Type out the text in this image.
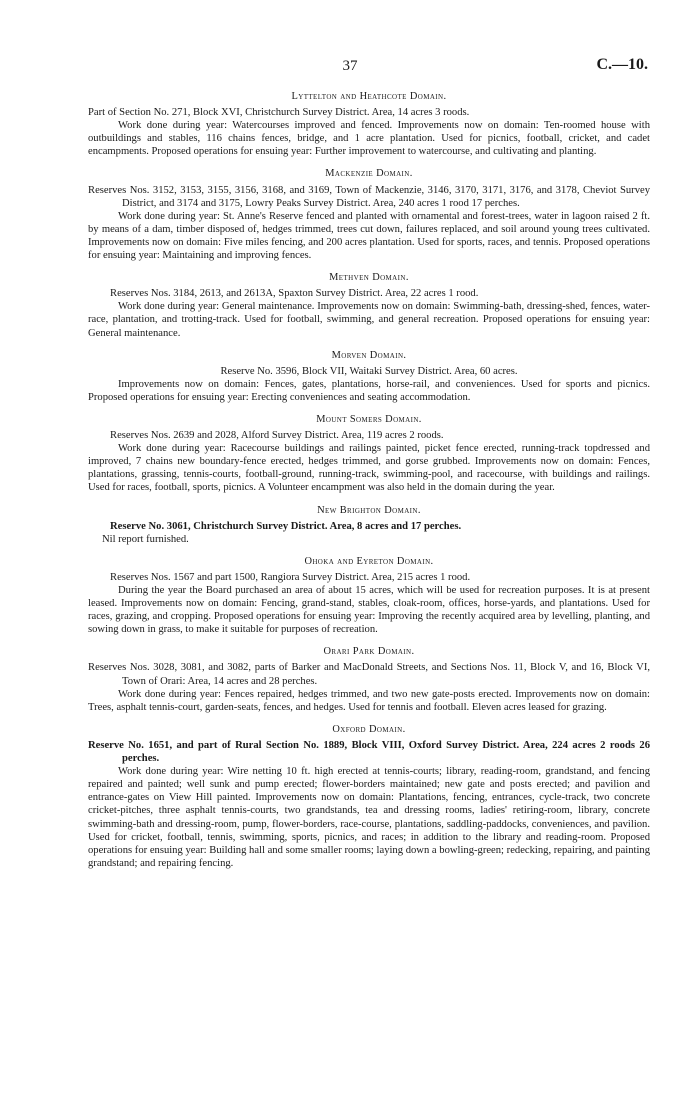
37	C.—10.

Lyttelton and Heathcote Domain.

Part of Section No. 271, Block XVI, Christchurch Survey District. Area, 14 acres 3 roods.

Work done during year: Watercourses improved and fenced. Improvements now on domain: Ten-roomed house with outbuildings and stables, 116 chains fences, bridge, and 1 acre plantation. Used for picnics, football, cricket, and cadet encampments. Proposed operations for ensuing year: Further improvement to watercourse, and cultivating and planting.

Mackenzie Domain.

Reserves Nos. 3152, 3153, 3155, 3156, 3168, and 3169, Town of Mackenzie, 3146, 3170, 3171, 3176, and 3178, Cheviot Survey District, and 3174 and 3175, Lowry Peaks Survey District. Area, 240 acres 1 rood 17 perches.

Work done during year: St. Anne's Reserve fenced and planted with ornamental and forest-trees, water in lagoon raised 2 ft. by means of a dam, timber disposed of, hedges trimmed, trees cut down, failures replaced, and soil around young trees cultivated. Improvements now on domain: Five miles fencing, and 200 acres plantation. Used for sports, races, and tennis. Proposed operations for ensuing year: Maintaining and improving fences.

Methven Domain.

Reserves Nos. 3184, 2613, and 2613A, Spaxton Survey District. Area, 22 acres 1 rood.

Work done during year: General maintenance. Improvements now on domain: Swimming-bath, dressing-shed, fences, water-race, plantation, and trotting-track. Used for football, swimming, and general recreation. Proposed operations for ensuing year: General maintenance.

Morven Domain.

Reserve No. 3596, Block VII, Waitaki Survey District. Area, 60 acres.

Improvements now on domain: Fences, gates, plantations, horse-rail, and conveniences. Used for sports and picnics. Proposed operations for ensuing year: Erecting conveniences and seating accommodation.

Mount Somers Domain.

Reserves Nos. 2639 and 2028, Alford Survey District. Area, 119 acres 2 roods.

Work done during year: Racecourse buildings and railings painted, picket fence erected, running-track topdressed and improved, 7 chains new boundary-fence erected, hedges trimmed, and gorse grubbed. Improvements now on domain: Fences, plantations, grassing, tennis-courts, football-ground, running-track, swimming-pool, and racecourse, with buildings and railings. Used for races, football, sports, picnics. A Volunteer encampment was also held in the domain during the year.

New Brighton Domain.

Reserve No. 3061, Christchurch Survey District. Area, 8 acres and 17 perches.

Nil report furnished.

Ohoka and Eyreton Domain.

Reserves Nos. 1567 and part 1500, Rangiora Survey District. Area, 215 acres 1 rood.

During the year the Board purchased an area of about 15 acres, which will be used for recreation purposes. It is at present leased. Improvements now on domain: Fencing, grand-stand, stables, cloak-room, offices, horse-yards, and plantations. Used for races, grazing, and cropping. Proposed operations for ensuing year: Improving the recently acquired area by levelling, planting, and sowing down in grass, to make it suitable for purposes of recreation.

Orari Park Domain.

Reserves Nos. 3028, 3081, and 3082, parts of Barker and MacDonald Streets, and Sections Nos. 11, Block V, and 16, Block VI, Town of Orari: Area, 14 acres and 28 perches.

Work done during year: Fences repaired, hedges trimmed, and two new gate-posts erected. Improvements now on domain: Trees, asphalt tennis-court, garden-seats, fences, and hedges. Used for tennis and football. Eleven acres leased for grazing.

Oxford Domain.

Reserve No. 1651, and part of Rural Section No. 1889, Block VIII, Oxford Survey District. Area, 224 acres 2 roods 26 perches.

Work done during year: Wire netting 10 ft. high erected at tennis-courts; library, reading-room, grandstand, and fencing repaired and painted; well sunk and pump erected; flower-borders maintained; new gate and posts erected; and pavilion and entrance-gates on View Hill painted. Improvements now on domain: Plantations, fencing, entrances, cycle-track, two concrete cricket-pitches, three asphalt tennis-courts, two grandstands, tea and dressing rooms, ladies' retiring-room, library, concrete swimming-bath and dressing-room, pump, flower-borders, race-course, plantations, saddling-paddocks, conveniences, and pavilion. Used for cricket, football, tennis, swimming, sports, picnics, and races; in addition to the library and reading-room. Proposed operations for ensuing year: Building hall and some smaller rooms; laying down a bowling-green; redecking, repairing, and painting grandstand; and repairing fencing.
